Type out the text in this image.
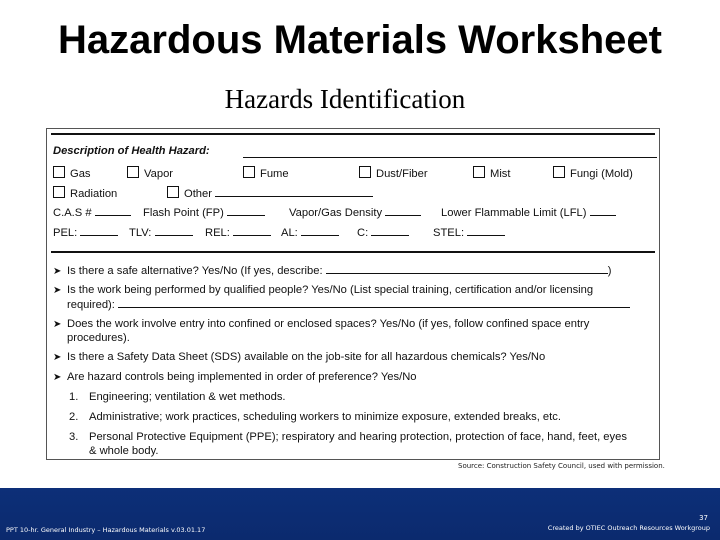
Hazardous Materials Worksheet
Hazards Identification
Description of Health Hazard:
Gas	Vapor	Fume	Dust/Fiber	Mist	Fungi (Mold)
Radiation	Other
C.A.S #	Flash Point (FP)	Vapor/Gas Density	Lower Flammable Limit (LFL)
PEL:	TLV:	REL:	AL:	C:	STEL:
➤ Is there a safe alternative? Yes/No (If yes, describe:	)
➤ Is the work being performed by qualified people? Yes/No (List special training, certification and/or licensing
required):
➤ Does the work involve entry into confined or enclosed spaces? Yes/No (if yes, follow confined space entry
procedures).
➤ Is there a Safety Data Sheet (SDS) available on the job-site for all hazardous chemicals? Yes/No
➤ Are hazard controls being implemented in order of preference? Yes/No
1. Engineering; ventilation & wet methods.
2. Administrative; work practices, scheduling workers to minimize exposure, extended breaks, etc.
3. Personal Protective Equipment (PPE); respiratory and hearing protection, protection of face, hand, feet, eyes
& whole body.
Source: Construction Safety Council, used with permission.
PPT 10-hr. General Industry – Hazardous Materials v.03.01.17
37
Created by OTIEC Outreach Resources Workgroup
